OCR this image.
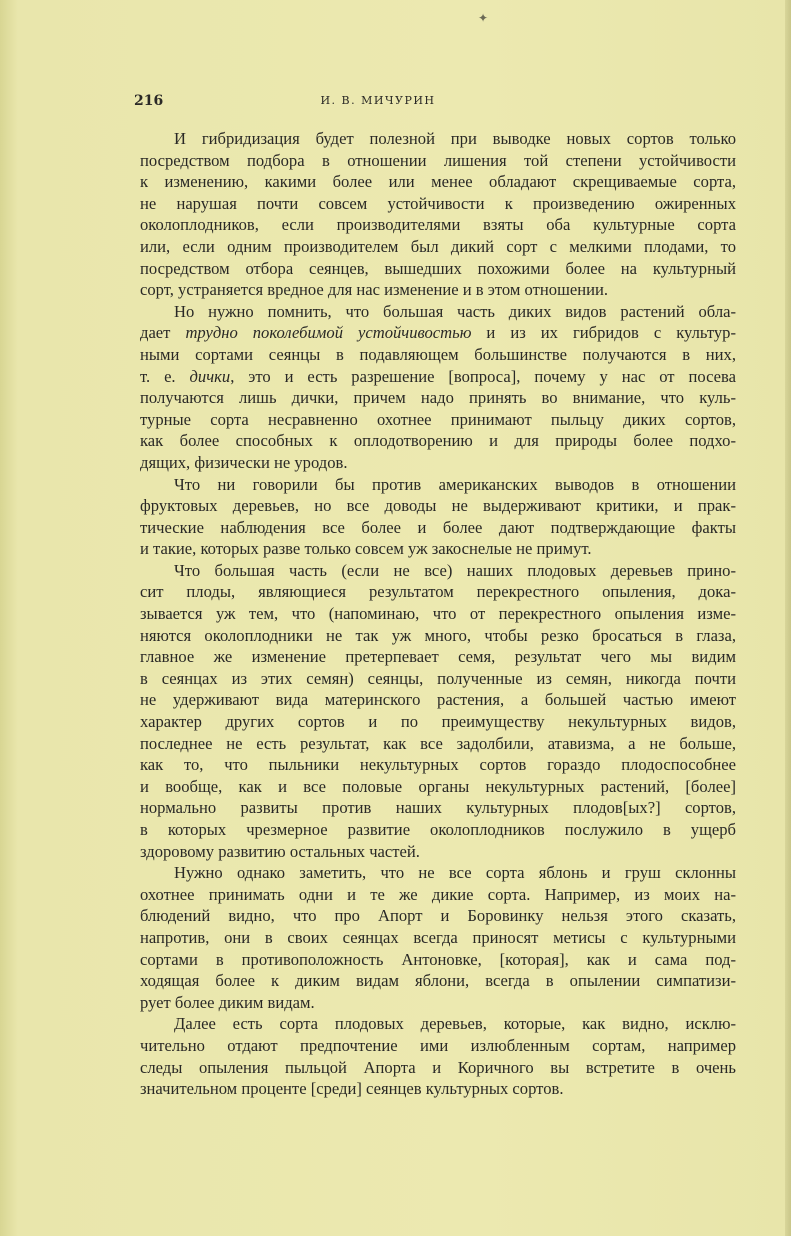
✦
216	И. В. МИЧУРИН
И гибридизация будет полезной при выводке новых сортов только
посредством подбора в отношении лишения той степени устойчивости
к изменению, какими более или менее обладают скрещиваемые сорта,
не нарушая почти совсем устойчивости к произведению ожиренных
околоплодников, если производителями взяты оба культурные сорта
или, если одним производителем был дикий сорт с мелкими плодами, то
посредством отбора сеянцев, вышедших похожими более на культурный
сорт, устраняется вредное для нас изменение и в этом отношении.
Но нужно помнить, что большая часть диких видов растений обла-
дает трудно поколебимой устойчивостью и из их гибридов с культур-
ными сортами сеянцы в подавляющем большинстве получаются в них,
т. е. дички, это и есть разрешение [вопроса], почему у нас от посева
получаются лишь дички, причем надо принять во внимание, что куль-
турные сорта несравненно охотнее принимают пыльцу диких сортов,
как более способных к оплодотворению и для природы более подхо-
дящих, физически не уродов.
Что ни говорили бы против американских выводов в отношении
фруктовых деревьев, но все доводы не выдерживают критики, и прак-
тические наблюдения все более и более дают подтверждающие факты
и такие, которых разве только совсем уж закоснелые не примут.
Что большая часть (если не все) наших плодовых деревьев прино-
сит плоды, являющиеся результатом перекрестного опыления, дока-
зывается уж тем, что (напоминаю, что от перекрестного опыления изме-
няются околоплодники не так уж много, чтобы резко бросаться в глаза,
главное же изменение претерпевает семя, результат чего мы видим
в сеянцах из этих семян) сеянцы, полученные из семян, никогда почти
не удерживают вида материнского растения, а большей частью имеют
характер других сортов и по преимуществу некультурных видов,
последнее не есть результат, как все задолбили, атавизма, а не больше,
как то, что пыльники некультурных сортов гораздо плодоспособнее
и вообще, как и все половые органы некультурных растений, [более]
нормально развиты против наших культурных плодов[ых?] сортов,
в которых чрезмерное развитие околоплодников послужило в ущерб
здоровому развитию остальных частей.
Нужно однако заметить, что не все сорта яблонь и груш склонны
охотнее принимать одни и те же дикие сорта. Например, из моих на-
блюдений видно, что про Апорт и Боровинку нельзя этого сказать,
напротив, они в своих сеянцах всегда приносят метисы с культурными
сортами в противоположность Антоновке, [которая], как и сама под-
ходящая более к диким видам яблони, всегда в опылении симпатизи-
рует более диким видам.
Далее есть сорта плодовых деревьев, которые, как видно, исклю-
чительно отдают предпочтение ими излюбленным сортам, например
следы опыления пыльцой Апорта и Коричного вы встретите в очень
значительном проценте [среди] сеянцев культурных сортов.
